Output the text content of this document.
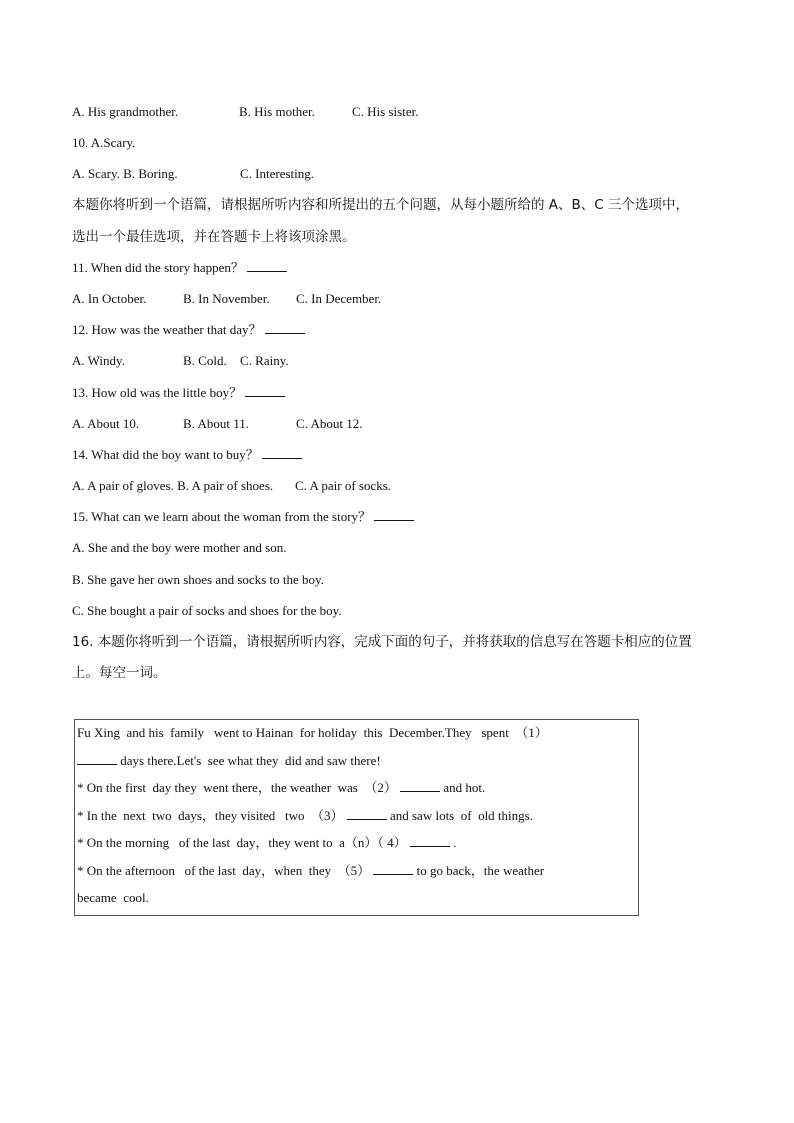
A. His grandmother.	B. His mother.	C. His sister.
10. A.Scary.
A. Scary. B. Boring.	C. Interesting.
本题你将听到一个语篇，请根据所听内容和所提出的五个问题，从每小题所给的 A、B、C 三个选项中，
选出一个最佳选项，并在答题卡上将该项涂黑。
11. When did the story happen？
A. In October.	B. In November. C. In December.
12. How was the weather that day？
A. Windy.	B. Cold. C. Rainy.
13. How old was the little boy？
A. About 10.	B. About 11.	C. About 12.
14. What did the boy want to buy？
A. A pair of gloves. B. A pair of shoes. C. A pair of socks.
15. What can we learn about the woman from the story？
A. She and the boy were mother and son.
B. She gave her own shoes and socks to the boy.
C. She bought a pair of socks and shoes for the boy.
16. 本题你将听到一个语篇，请根据所听内容，完成下面的句子，并将获取的信息写在答题卡相应的位置
上。每空一词。
Fu Xing  and his  family   went to Hainan  for holiday  this  December.They   spent  （1）
days there.Let's  see what they  did and saw there!
* On the first  day they  went there，the weather  was  （2）	and hot.
* In the  next  two  days，they visited   two  （3）	and saw lots  of  old things.
* On the morning   of the last  day，they went to  a（n）（ 4）	.
* On the afternoon   of the last  day，when  they  （5）	to go back，the weather
became  cool.
